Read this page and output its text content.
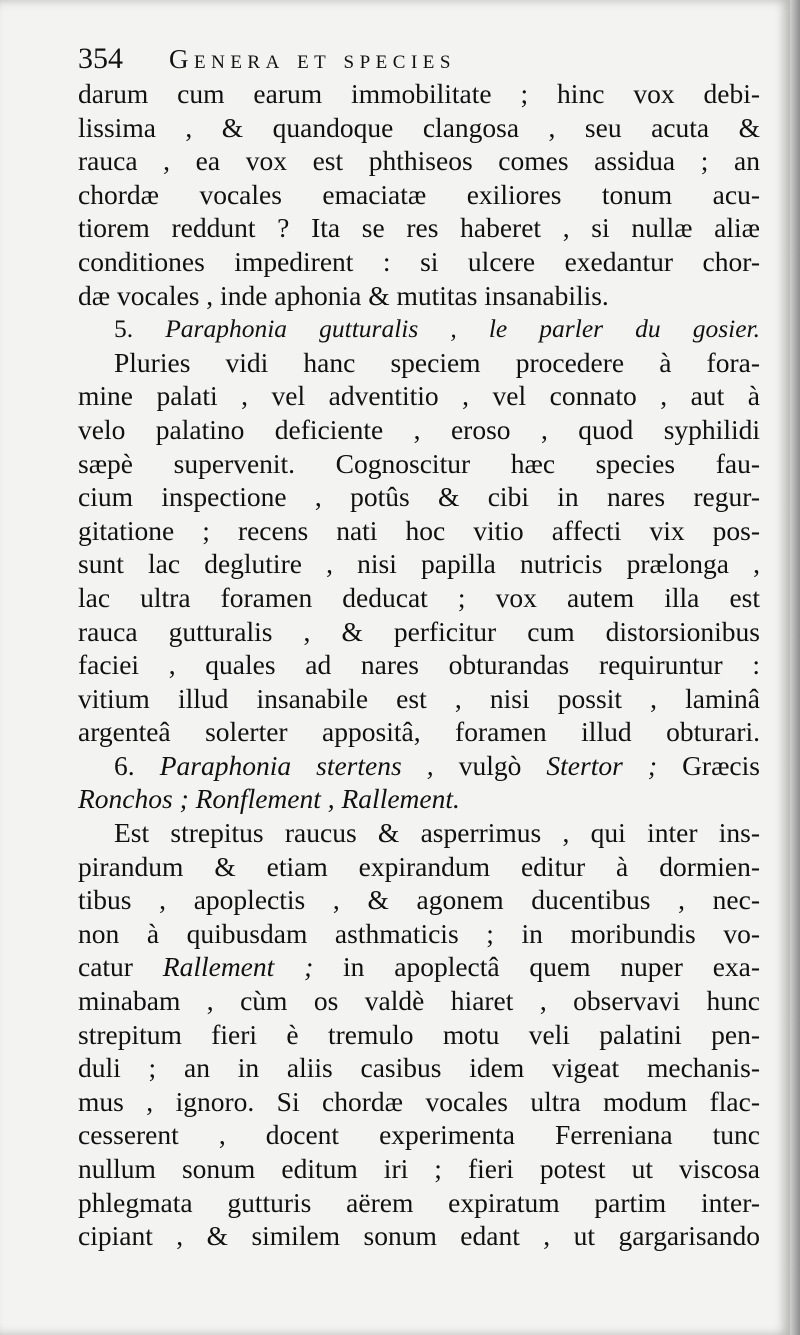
354 Genera et species
darum cum earum immobilitate ; hinc vox debi-
lissima , & quandoque clangosa , seu acuta &
rauca , ea vox est phthiseos comes assidua ; an
chordæ vocales emaciatæ exiliores tonum acu-
tiorem reddunt ? Ita se res haberet , si nullæ aliæ
conditiones impedirent : si ulcere exedantur chor-
dæ vocales , inde aphonia & mutitas insanabilis.
5. Paraphonia gutturalis , le parler du gosier.
Pluries vidi hanc speciem procedere à fora-
mine palati , vel adventitio , vel connato , aut à
velo palatino deficiente , eroso , quod syphilidi
sæpè supervenit. Cognoscitur hæc species fau-
cium inspectione , potûs & cibi in nares regur-
gitatione ; recens nati hoc vitio affecti vix pos-
sunt lac deglutire , nisi papilla nutricis prælonga ,
lac ultra foramen deducat ; vox autem illa est
rauca gutturalis , & perficitur cum distorsionibus
faciei , quales ad nares obturandas requiruntur :
vitium illud insanabile est , nisi possit , laminâ
argenteâ solerter appositâ, foramen illud obturari.
6. Paraphonia stertens , vulgò Stertor ; Græcis
Ronchos ; Ronflement , Rallement.
Est strepitus raucus & asperrimus , qui inter ins-
pirandum & etiam expirandum editur à dormien-
tibus , apoplectis , & agonem ducentibus , nec-
non à quibusdam asthmaticis ; in moribundis vo-
catur Rallement ; in apoplectâ quem nuper exa-
minabam , cùm os valdè hiaret , observavi hunc
strepitum fieri è tremulo motu veli palatini pen-
duli ; an in aliis casibus idem vigeat mechanis-
mus , ignoro. Si chordæ vocales ultra modum flac-
cesserent , docent experimenta Ferreniana tunc
nullum sonum editum iri ; fieri potest ut viscosa
phlegmata gutturis aërem expiratum partim inter-
cipiant , & similem sonum edant , ut gargarisando
